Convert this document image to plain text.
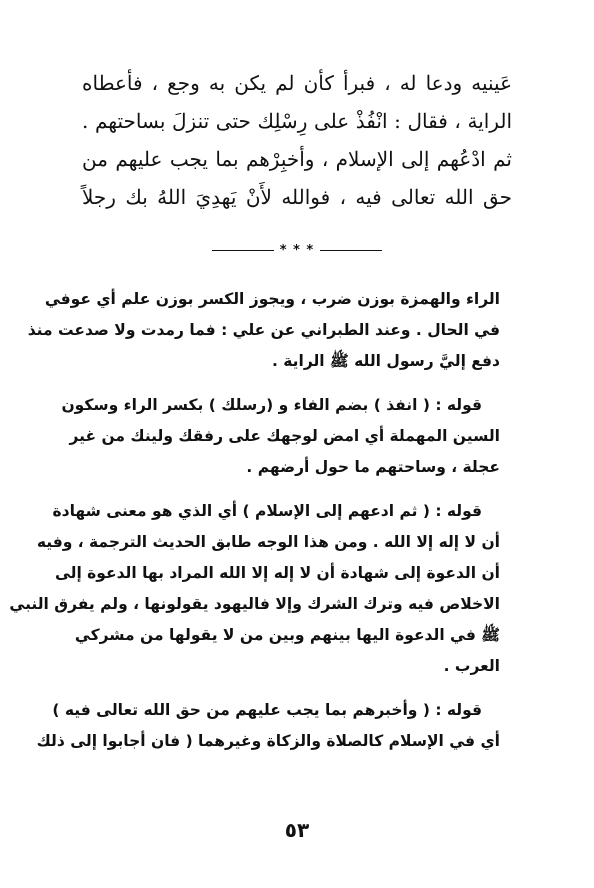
عَينيه ودعا له ، فبرأ كأن لم يكن به وجع ، فأعطاه
الراية ، فقال : انْفُذْ على رِسْلِك حتى تنزلَ بساحتهم .
ثم ادْعُهم إلى الإسلام ، وأخبِرْهم بما يجب عليهم من
حق الله تعالى فيه ، فوالله لأَنْ يَهدِيَ اللهُ بك رجلاً
* * *
الراء والهمزة بوزن ضرب ، ويجوز الكسر بوزن علم أي عوفي
في الحال . وعند الطبراني عن علي : فما رمدت ولا صدعت منذ
دفع إليَّ رسول الله ﷺ الراية .
قوله : ( انفذ ) بضم الفاء و (رسلك ) بكسر الراء وسكون
السين المهملة أي امض لوجهك على رفقك ولينك من غير
عجلة ، وساحتهم ما حول أرضهم .
قوله : ( ثم ادعهم إلى الإسلام ) أي الذي هو معنى شهادة
أن لا إله إلا الله . ومن هذا الوجه طابق الحديث الترجمة ، وفيه
أن الدعوة إلى شهادة أن لا إله إلا الله المراد بها الدعوة إلى
الاخلاص فيه وترك الشرك وإلا فاليهود يقولونها ، ولم يفرق النبي
ﷺ في الدعوة اليها بينهم وبين من لا يقولها من مشركي
العرب .
قوله : ( وأخبرهم بما يجب عليهم من حق الله تعالى فيه )
أي في الإسلام كالصلاة والزكاة وغيرهما ( فان أجابوا إلى ذلك
٥٣
